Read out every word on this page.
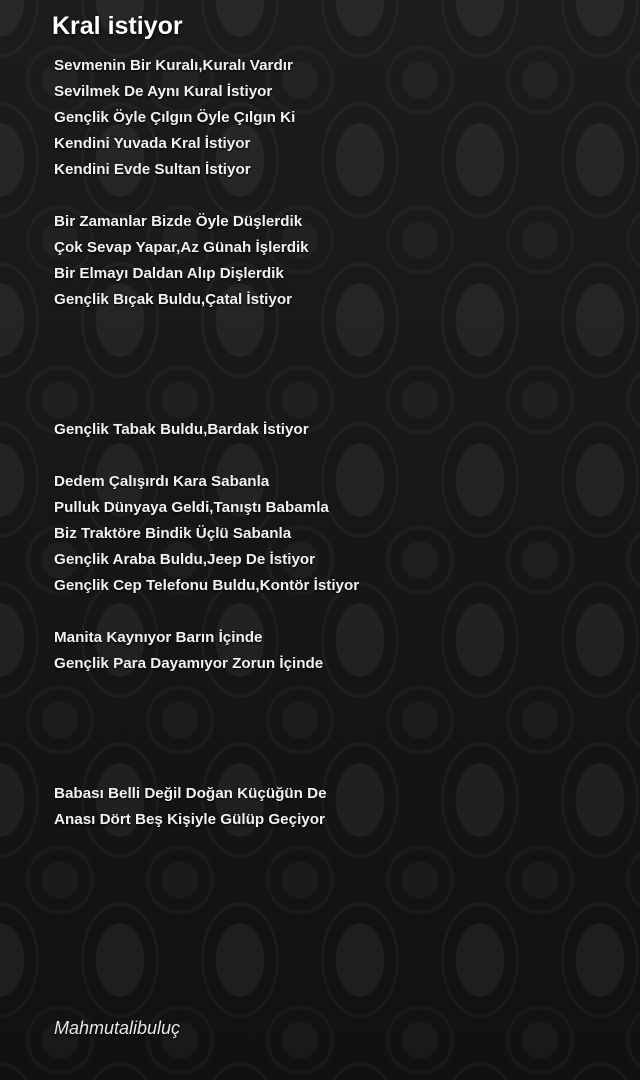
Kral istiyor
Sevmenin Bir Kuralı,Kuralı Vardır
Sevilmek De Aynı Kural İstiyor
Gençlik Öyle Çılgın Öyle Çılgın Ki
Kendini Yuvada Kral İstiyor
Kendini Evde Sultan İstiyor
Bir Zamanlar Bizde Öyle Düşlerdik
Çok Sevap Yapar,Az Günah İşlerdik
Bir Elmayı Daldan Alıp Dişlerdik
Gençlik Bıçak Buldu,Çatal İstiyor
Gençlik Tabak Buldu,Bardak İstiyor
Dedem Çalışırdı Kara Sabanla
Pulluk Dünyaya Geldi,Tanıştı Babamla
Biz Traktöre Bindik Üçlü Sabanla
Gençlik Araba Buldu,Jeep De İstiyor
Gençlik Cep Telefonu Buldu,Kontör İstiyor
Manita Kaynıyor Barın İçinde
Gençlik Para Dayamıyor Zorun İçinde
Babası Belli Değil Doğan Küçüğün De
Anası Dört Beş Kişiyle Gülüp Geçiyor
Mahmutalibuluç
